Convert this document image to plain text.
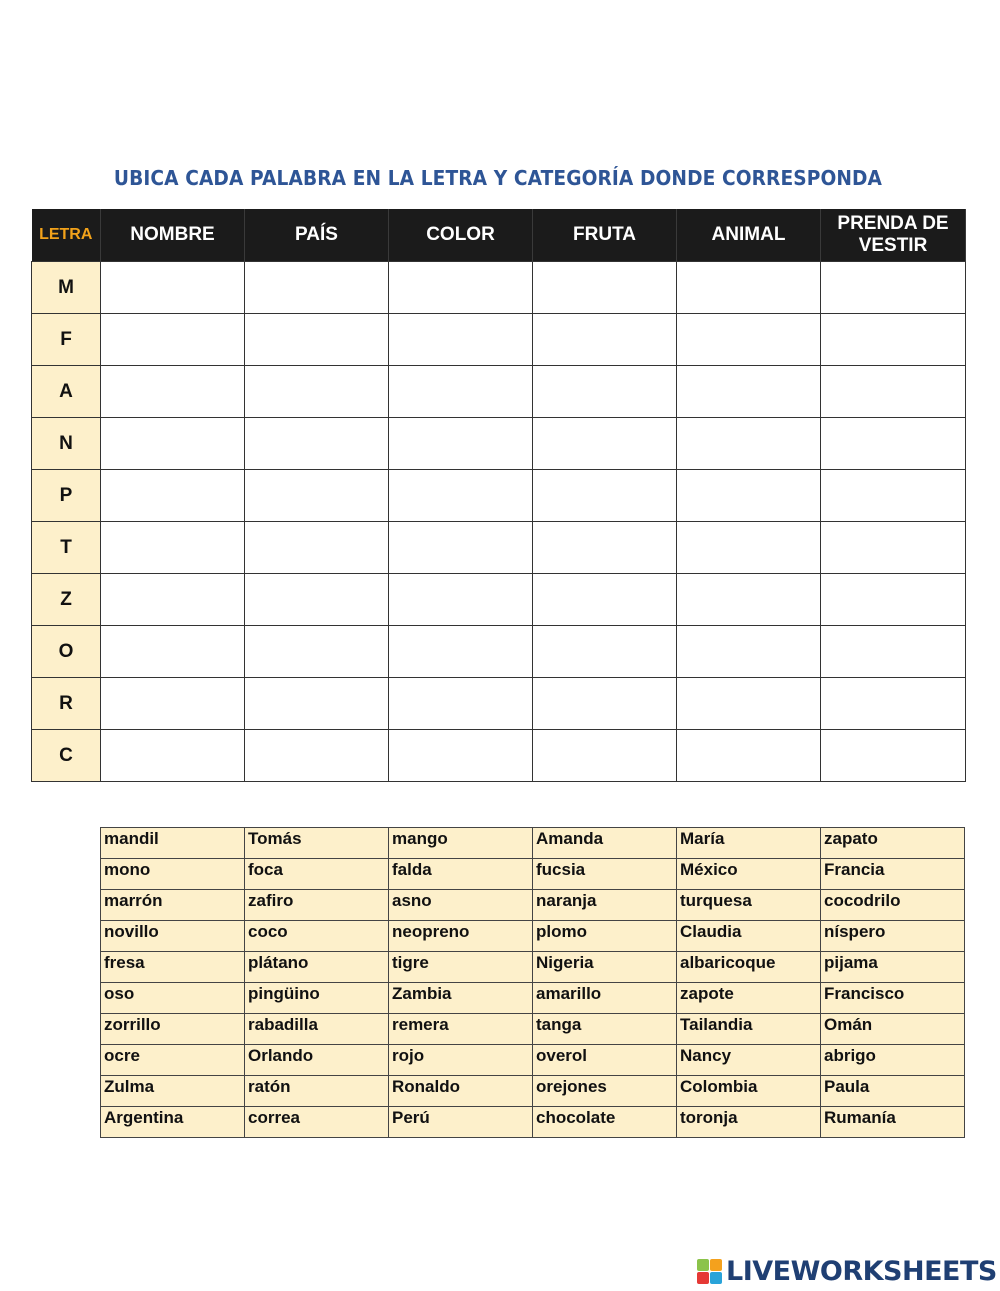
UBICA CADA PALABRA EN LA LETRA Y CATEGORÍA DONDE CORRESPONDA
LETRA	NOMBRE	PAÍS	COLOR	FRUTA	ANIMAL	PRENDA DE VESTIR
M						
F						
A						
N						
P						
T						
Z						
O						
R						
C						
mandil	Tomás	mango	Amanda	María	zapato
mono	foca	falda	fucsia	México	Francia
marrón	zafiro	asno	naranja	turquesa	cocodrilo
novillo	coco	neopreno	plomo	Claudia	níspero
fresa	plátano	tigre	Nigeria	albaricoque	pijama
oso	pingüino	Zambia	amarillo	zapote	Francisco
zorrillo	rabadilla	remera	tanga	Tailandia	Omán
ocre	Orlando	rojo	overol	Nancy	abrigo
Zulma	ratón	Ronaldo	orejones	Colombia	Paula
Argentina	correa	Perú	chocolate	toronja	Rumanía
LIVEWORKSHEETS
